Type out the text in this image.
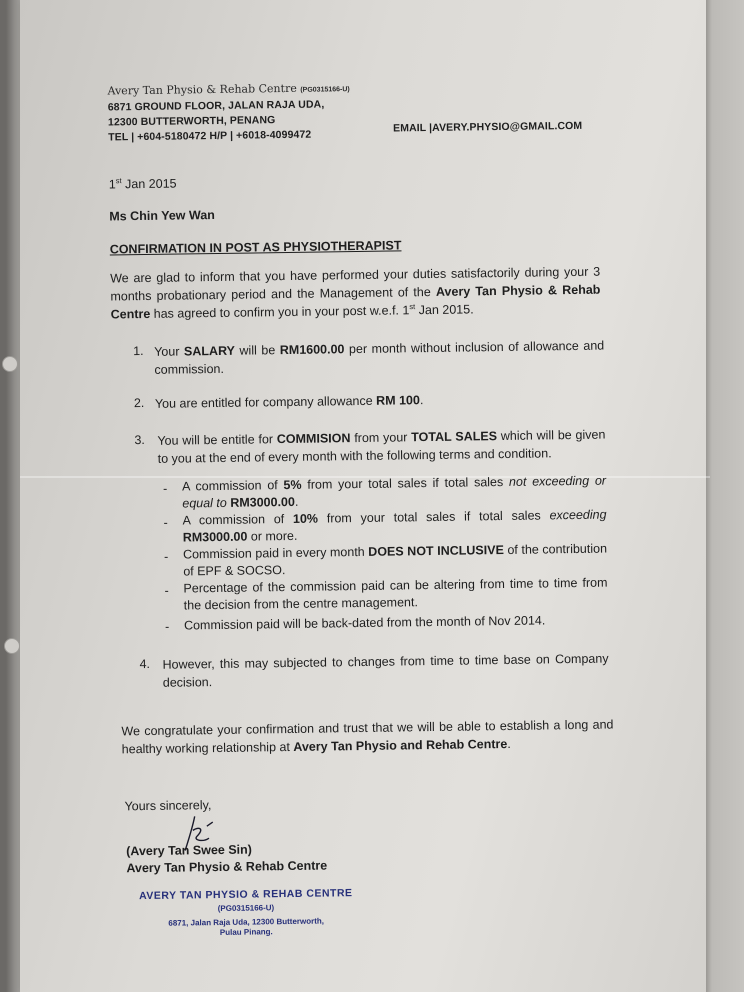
Avery Tan Physio & Rehab Centre (PG0315166-U)
6871 GROUND FLOOR, JALAN RAJA UDA,
12300 BUTTERWORTH, PENANG
TEL | +604-5180472 H/P | +6018-4099472
EMAIL |AVERY.PHYSIO@GMAIL.COM
1st Jan 2015
Ms Chin Yew Wan
CONFIRMATION IN POST AS PHYSIOTHERAPIST
We are glad to inform that you have performed your duties satisfactorily during your 3 months probationary period and the Management of the Avery Tan Physio & Rehab Centre has agreed to confirm you in your post w.e.f. 1st Jan 2015.
1. Your SALARY will be RM1600.00 per month without inclusion of allowance and commission.
2. You are entitled for company allowance RM 100.
3. You will be entitle for COMMISION from your TOTAL SALES which will be given to you at the end of every month with the following terms and condition.
- A commission of 5% from your total sales if total sales not exceeding or equal to RM3000.00.
- A commission of 10% from your total sales if total sales exceeding RM3000.00 or more.
- Commission paid in every month DOES NOT INCLUSIVE of the contribution of EPF & SOCSO.
- Percentage of the commission paid can be altering from time to time from the decision from the centre management.
- Commission paid will be back-dated from the month of Nov 2014.
4. However, this may subjected to changes from time to time base on Company decision.
We congratulate your confirmation and trust that we will be able to establish a long and healthy working relationship at Avery Tan Physio and Rehab Centre.
Yours sincerely,
(Avery Tan Swee Sin)
Avery Tan Physio & Rehab Centre
AVERY TAN PHYSIO & REHAB CENTRE
(PG0315166-U)
6871, Jalan Raja Uda, 12300 Butterworth,
Pulau Pinang.
